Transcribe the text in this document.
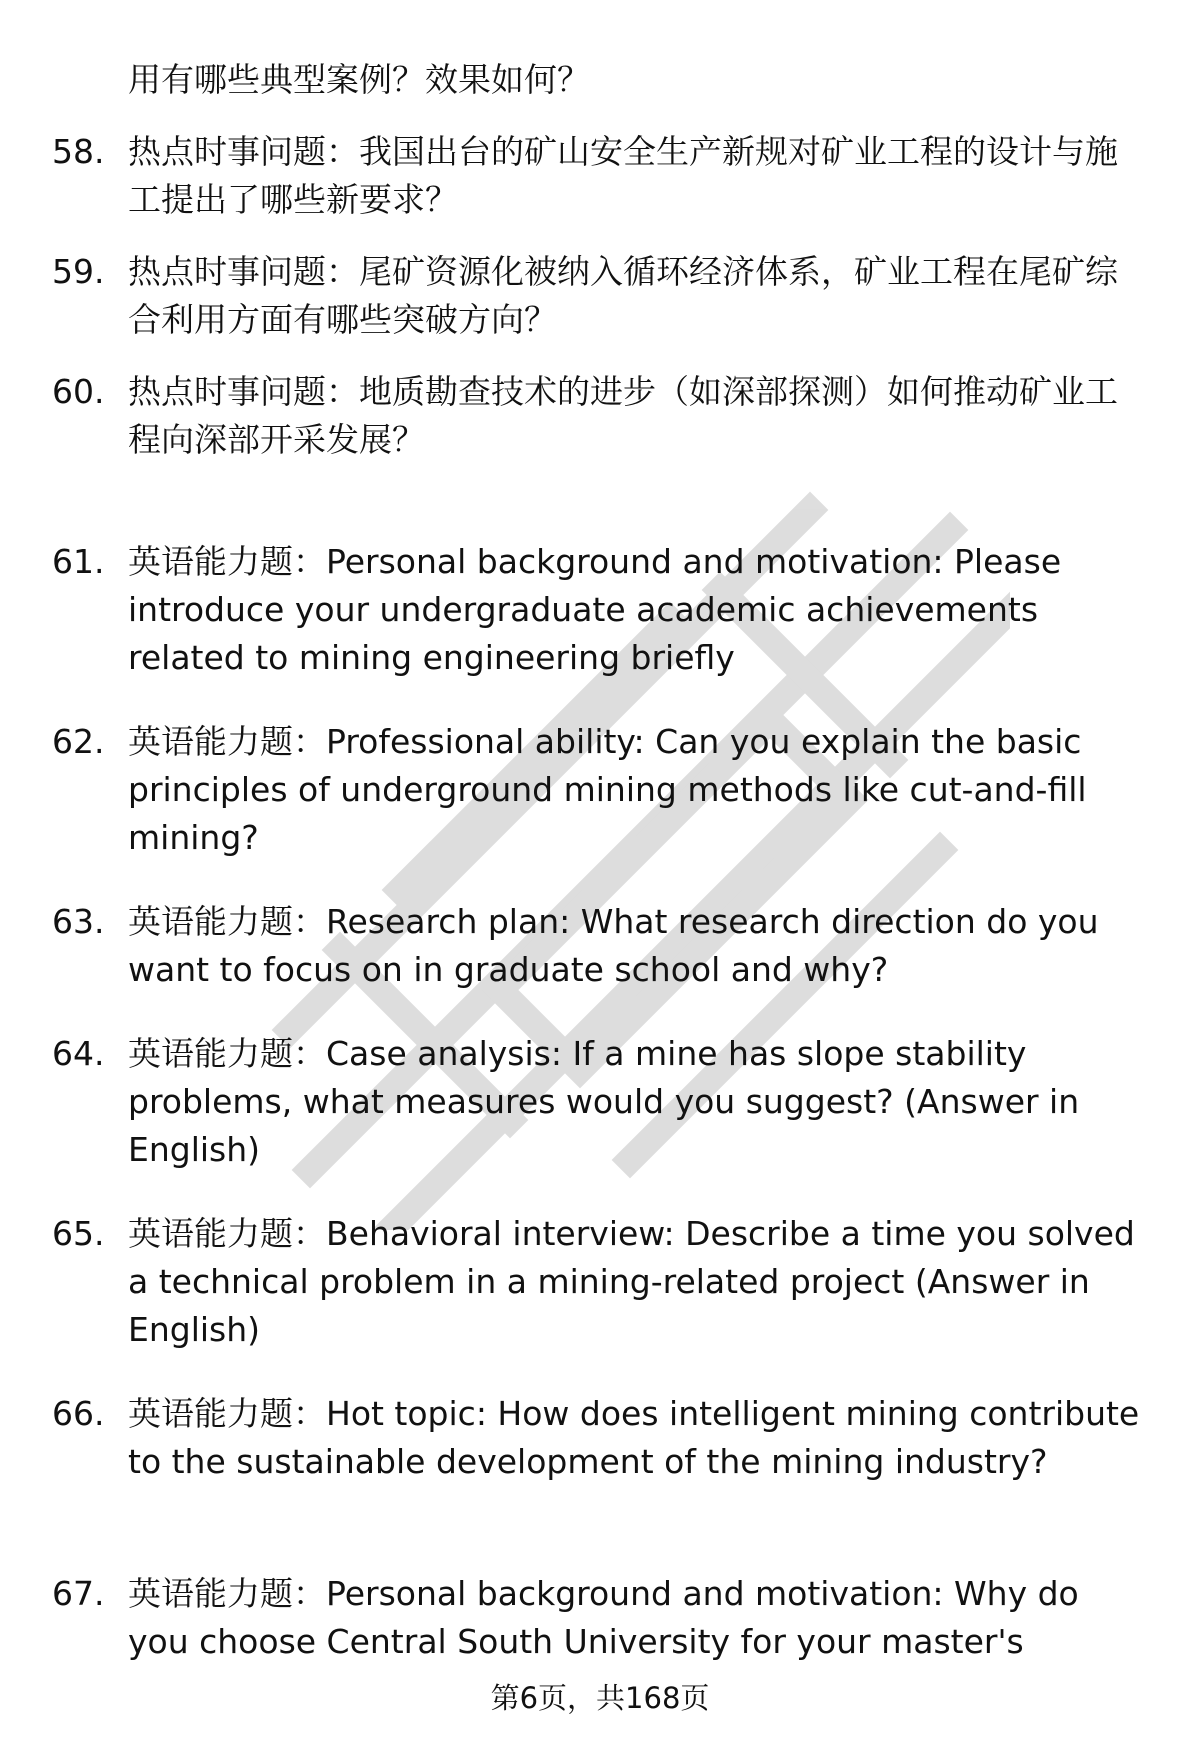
用有哪些典型案例？效果如何？
58. 热点时事问题：我国出台的矿山安全生产新规对矿业工程的设计与施工提出了哪些新要求？
59. 热点时事问题：尾矿资源化被纳入循环经济体系，矿业工程在尾矿综合利用方面有哪些突破方向？
60. 热点时事问题：地质勘查技术的进步（如深部探测）如何推动矿业工程向深部开采发展？
61. 英语能力题：Personal background and motivation: Please introduce your undergraduate academic achievements related to mining engineering briefly
62. 英语能力题：Professional ability: Can you explain the basic principles of underground mining methods like cut-and-fill mining?
63. 英语能力题：Research plan: What research direction do you want to focus on in graduate school and why?
64. 英语能力题：Case analysis: If a mine has slope stability problems, what measures would you suggest? (Answer in English)
65. 英语能力题：Behavioral interview: Describe a time you solved a technical problem in a mining-related project (Answer in English)
66. 英语能力题：Hot topic: How does intelligent mining contribute to the sustainable development of the mining industry?
67. 英语能力题：Personal background and motivation: Why do you choose Central South University for your master's
第6页，共168页
